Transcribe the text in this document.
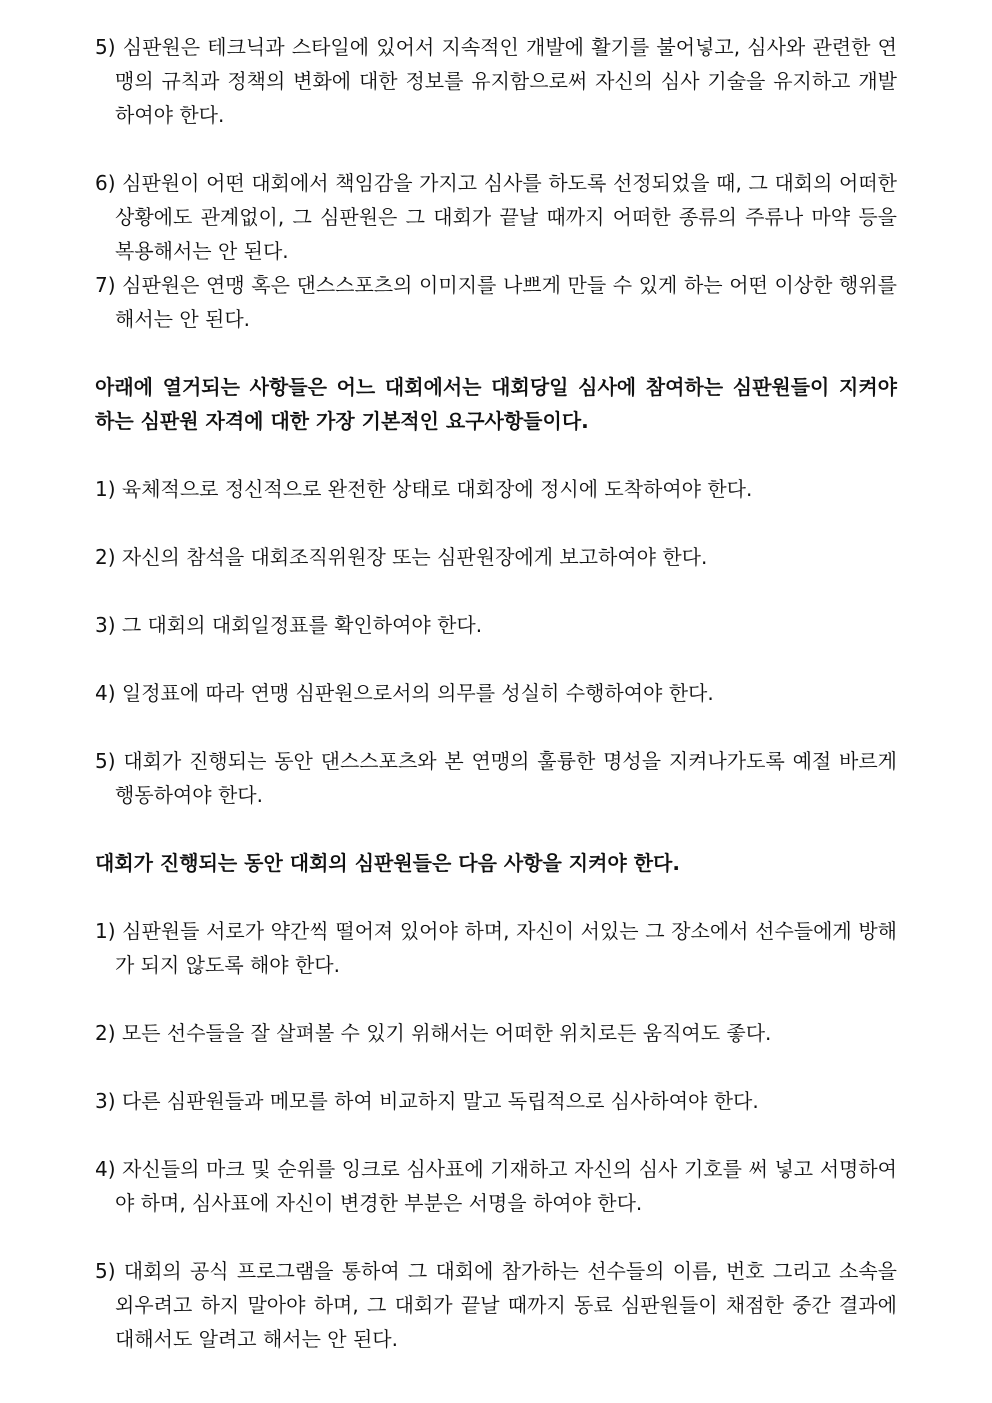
5) 심판원은 테크닉과 스타일에 있어서 지속적인 개발에 활기를 불어넣고, 심사와 관련한 연맹의 규칙과 정책의 변화에 대한 정보를 유지함으로써 자신의 심사 기술을 유지하고 개발하여야 한다.

6) 심판원이 어떤 대회에서 책임감을 가지고 심사를 하도록 선정되었을 때, 그 대회의 어떠한 상황에도 관계없이, 그 심판원은 그 대회가 끝날 때까지 어떠한 종류의 주류나 마약 등을 복용해서는 안 된다.

7) 심판원은 연맹 혹은 댄스스포츠의 이미지를 나쁘게 만들 수 있게 하는 어떤 이상한 행위를 해서는 안 된다.

아래에 열거되는 사항들은 어느 대회에서는 대회당일 심사에 참여하는 심판원들이 지켜야 하는 심판원 자격에 대한 가장 기본적인 요구사항들이다.

1) 육체적으로 정신적으로 완전한 상태로 대회장에 정시에 도착하여야 한다.

2) 자신의 참석을 대회조직위원장 또는 심판원장에게 보고하여야 한다.

3) 그 대회의 대회일정표를 확인하여야 한다.

4) 일정표에 따라 연맹 심판원으로서의 의무를 성실히 수행하여야 한다.

5) 대회가 진행되는 동안 댄스스포츠와 본 연맹의 훌륭한 명성을 지켜나가도록 예절 바르게 행동하여야 한다.

대회가 진행되는 동안 대회의 심판원들은 다음 사항을 지켜야 한다.

1) 심판원들 서로가 약간씩 떨어져 있어야 하며, 자신이 서있는 그 장소에서 선수들에게 방해가 되지 않도록 해야 한다.

2) 모든 선수들을 잘 살펴볼 수 있기 위해서는 어떠한 위치로든 움직여도 좋다.

3) 다른 심판원들과 메모를 하여 비교하지 말고 독립적으로 심사하여야 한다.

4) 자신들의 마크 및 순위를 잉크로 심사표에 기재하고 자신의 심사 기호를 써 넣고 서명하여야 하며, 심사표에 자신이 변경한 부분은 서명을 하여야 한다.

5) 대회의 공식 프로그램을 통하여 그 대회에 참가하는 선수들의 이름, 번호 그리고 소속을 외우려고 하지 말아야 하며, 그 대회가 끝날 때까지 동료 심판원들이 채점한 중간 결과에 대해서도 알려고 해서는 안 된다.
